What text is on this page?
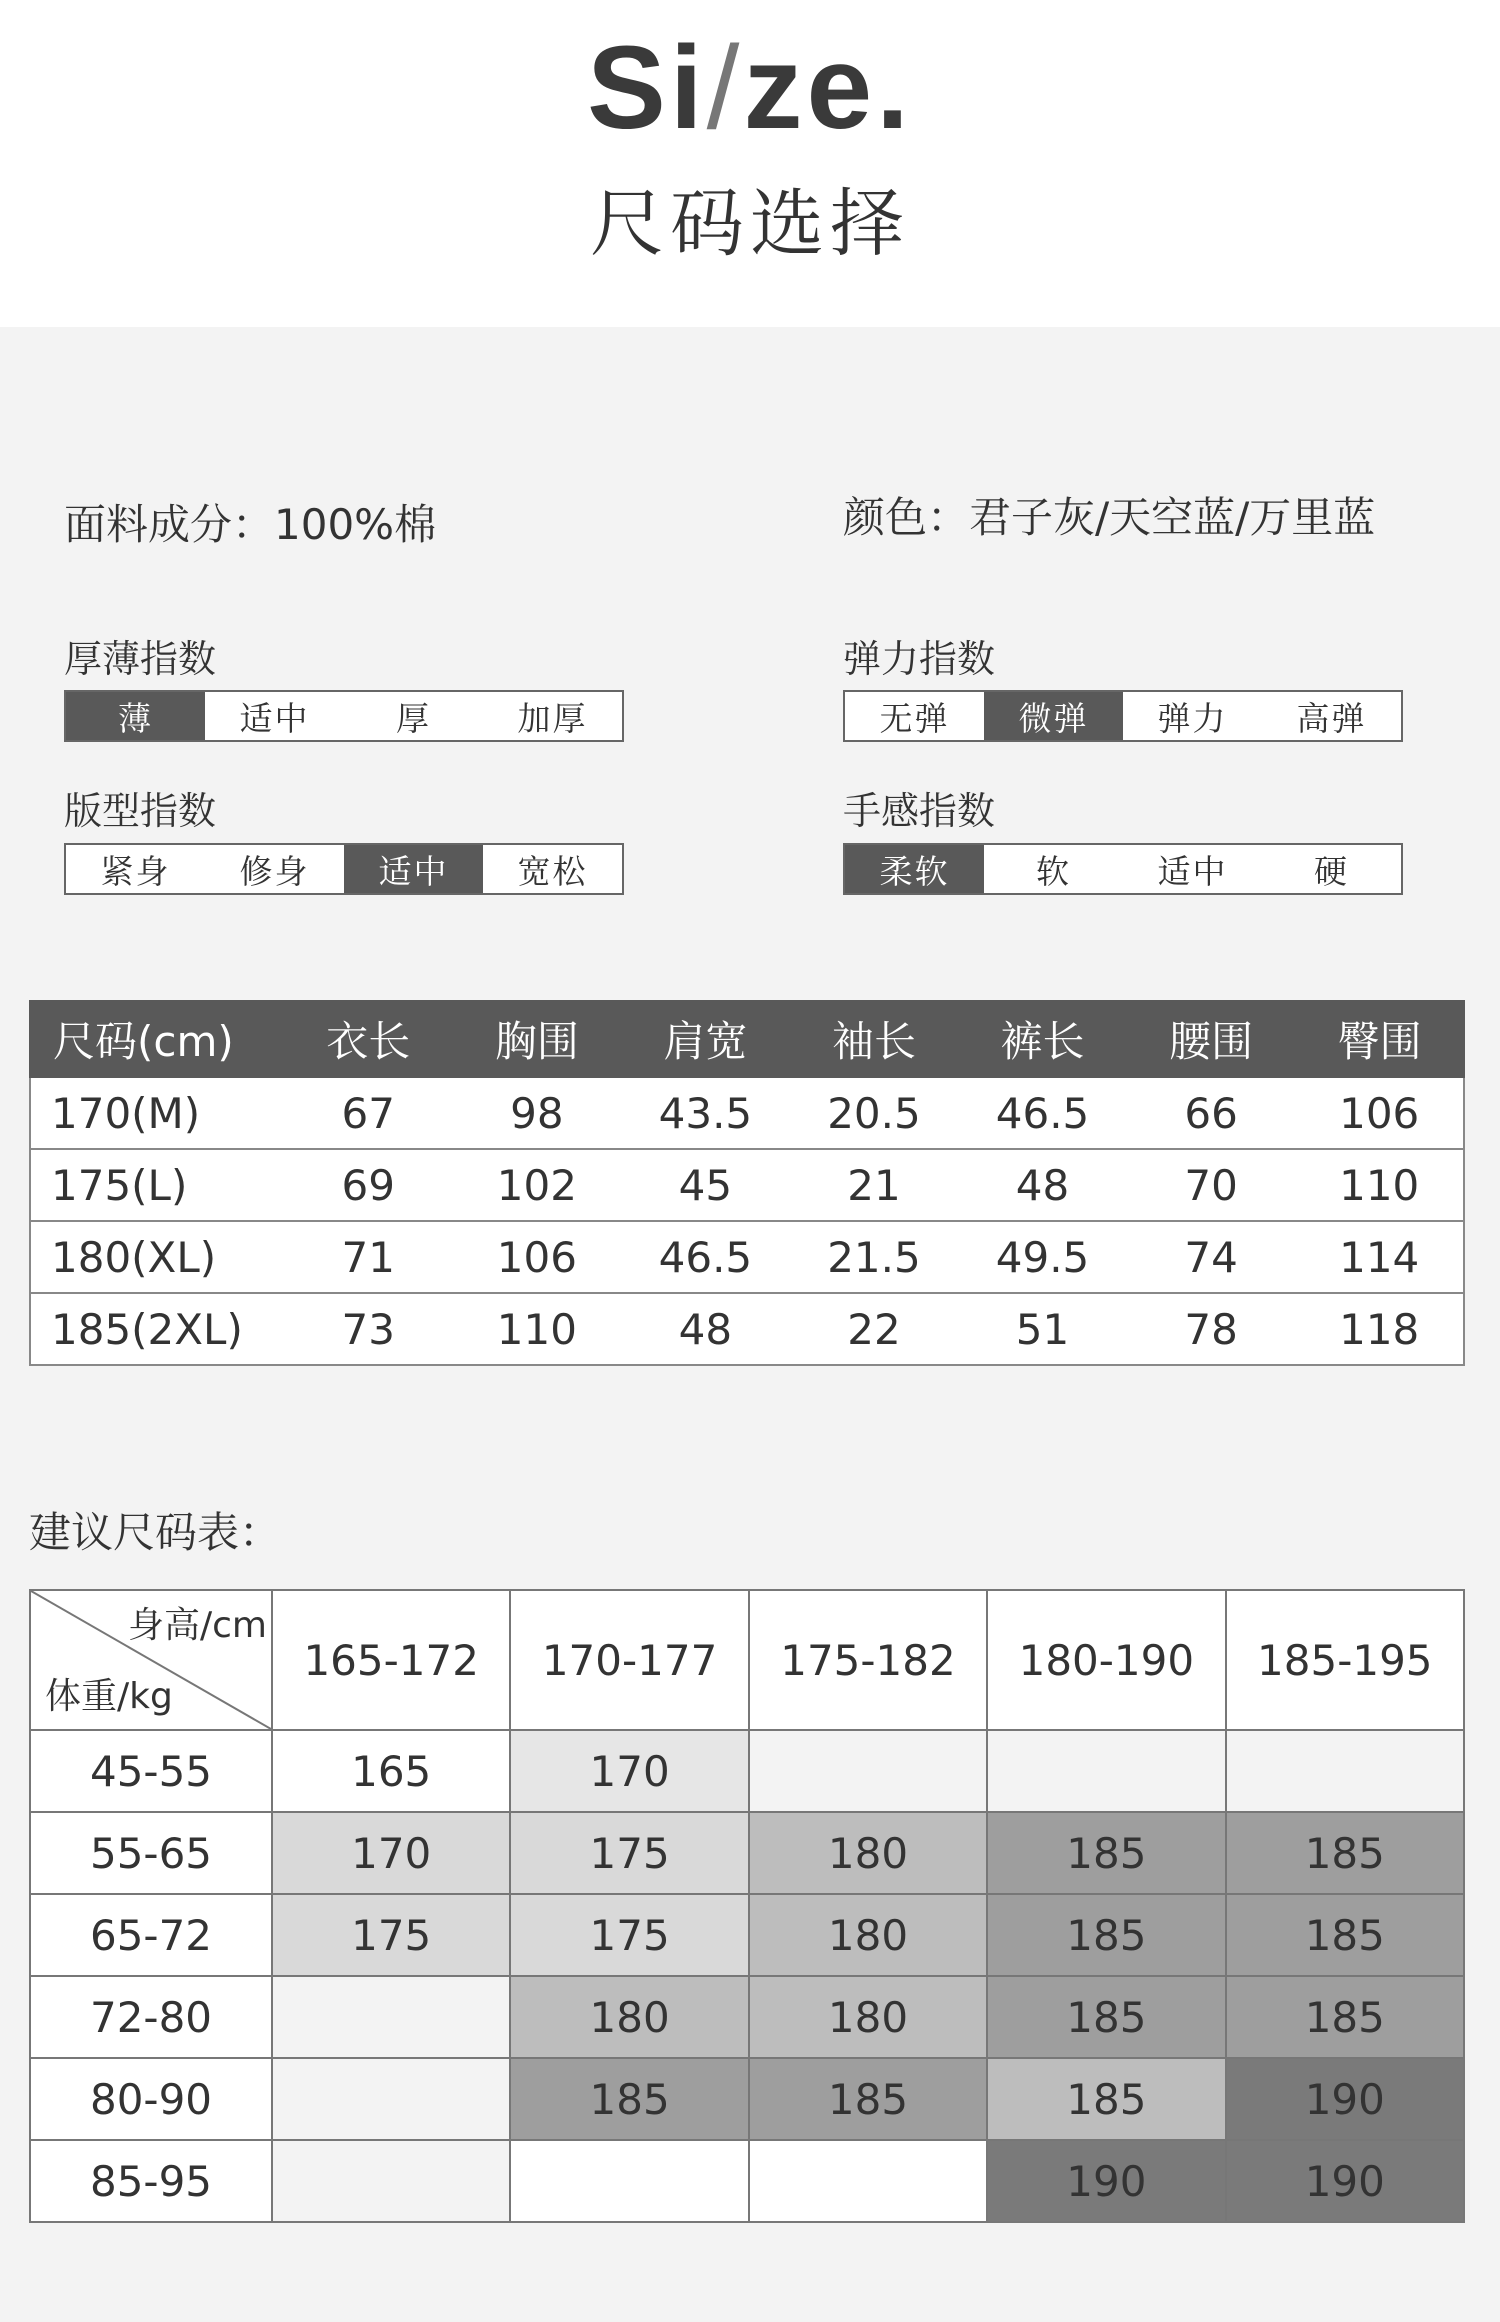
Si/ze.
尺码选择
面料成分：100%棉	颜色：君子灰/天空蓝/万里蓝
厚薄指数
薄	适中	厚	加厚
弹力指数
无弹	微弹	弹力	高弹
版型指数
紧身	修身	适中	宽松
手感指数
柔软	软	适中	硬
尺码(cm)	衣长	胸围	肩宽	袖长	裤长	腰围	臀围
170(M)	67	98	43.5	20.5	46.5	66	106
175(L)	69	102	45	21	48	70	110
180(XL)	71	106	46.5	21.5	49.5	74	114
185(2XL)	73	110	48	22	51	78	118
建议尺码表：
身高/cm
体重/kg	165-172	170-177	175-182	180-190	185-195
45-55	165	170			
55-65	170	175	180	185	185
65-72	175	175	180	185	185
72-80		180	180	185	185
80-90		185	185	185	190
85-95				190	190
